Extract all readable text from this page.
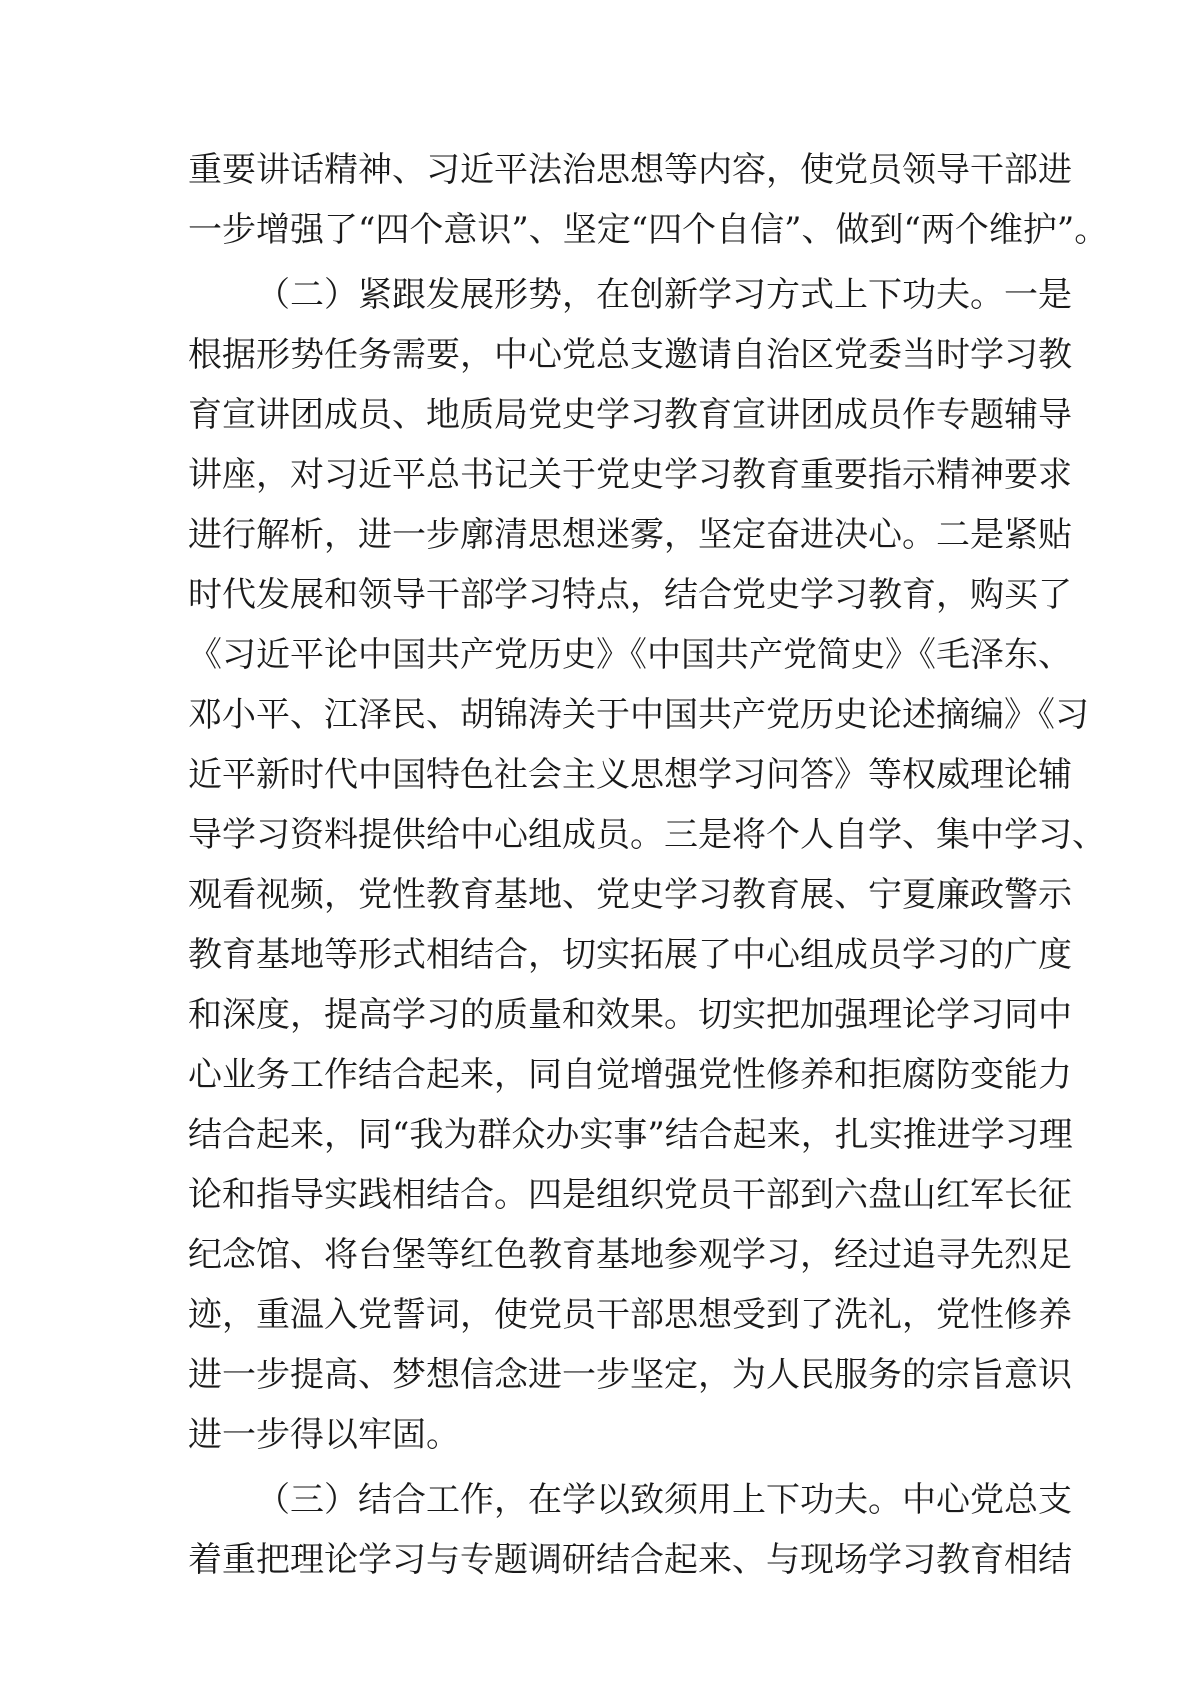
重要讲话精神、习近平法治思想等内容，使党员领导干部进
一步增强了“四个意识”、坚定“四个自信”、做到“两个维护”。
（二）紧跟发展形势，在创新学习方式上下功夫。一是
根据形势任务需要，中心党总支邀请自治区党委当时学习教
育宣讲团成员、地质局党史学习教育宣讲团成员作专题辅导
讲座，对习近平总书记关于党史学习教育重要指示精神要求
进行解析，进一步廓清思想迷雾，坚定奋进决心。二是紧贴
时代发展和领导干部学习特点，结合党史学习教育，购买了
《习近平论中国共产党历史》《中国共产党简史》《毛泽东、
邓小平、江泽民、胡锦涛关于中国共产党历史论述摘编》《习
近平新时代中国特色社会主义思想学习问答》等权威理论辅
导学习资料提供给中心组成员。三是将个人自学、集中学习、
观看视频，党性教育基地、党史学习教育展、宁夏廉政警示
教育基地等形式相结合，切实拓展了中心组成员学习的广度
和深度，提高学习的质量和效果。切实把加强理论学习同中
心业务工作结合起来，同自觉增强党性修养和拒腐防变能力
结合起来，同“我为群众办实事”结合起来，扎实推进学习理
论和指导实践相结合。四是组织党员干部到六盘山红军长征
纪念馆、将台堡等红色教育基地参观学习，经过追寻先烈足
迹，重温入党誓词，使党员干部思想受到了洗礼，党性修养
进一步提高、梦想信念进一步坚定，为人民服务的宗旨意识
进一步得以牢固。
（三）结合工作，在学以致须用上下功夫。中心党总支
着重把理论学习与专题调研结合起来、与现场学习教育相结
